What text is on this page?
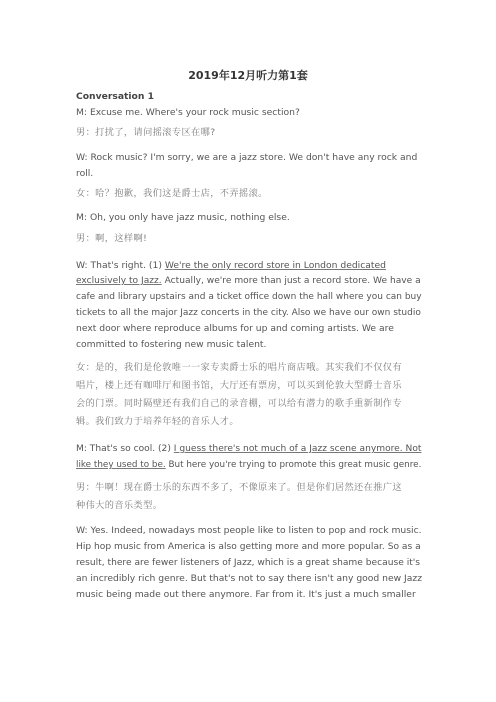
2019年12月听力第1套
Conversation 1
M: Excuse me. Where's your rock music section?
男：打扰了，请问摇滚专区在哪?
W: Rock music? I'm sorry, we are a jazz store. We don't have any rock and
roll.
女：哈？抱歉，我们这是爵士店，不弄摇滚。
M: Oh, you only have jazz music, nothing else.
男：啊，这样啊!
W: That's right. (1) We're the only record store in London dedicated
exclusively to Jazz. Actually, we're more than just a record store. We have a
cafe and library upstairs and a ticket office down the hall where you can buy
tickets to all the major Jazz concerts in the city. Also we have our own studio
next door where reproduce albums for up and coming artists. We are
committed to fostering new music talent.
女：是的，我们是伦敦唯一一家专卖爵士乐的唱片商店哦。其实我们不仅仅有
唱片，楼上还有咖啡厅和图书馆，大厅还有票房，可以买到伦敦大型爵士音乐
会的门票。同时隔壁还有我们自己的录音棚，可以给有潜力的歌手重新制作专
辑。我们致力于培养年轻的音乐人才。
M: That's so cool. (2) I guess there's not much of a Jazz scene anymore. Not
like they used to be. But here you're trying to promote this great music genre.
男：牛啊！现在爵士乐的东西不多了，不像原来了。但是你们居然还在推广这
种伟大的音乐类型。
W: Yes. Indeed, nowadays most people like to listen to pop and rock music.
Hip hop music from America is also getting more and more popular. So as a
result, there are fewer listeners of Jazz, which is a great shame because it's
an incredibly rich genre. But that's not to say there isn't any good new Jazz
music being made out there anymore. Far from it. It's just a much smaller
